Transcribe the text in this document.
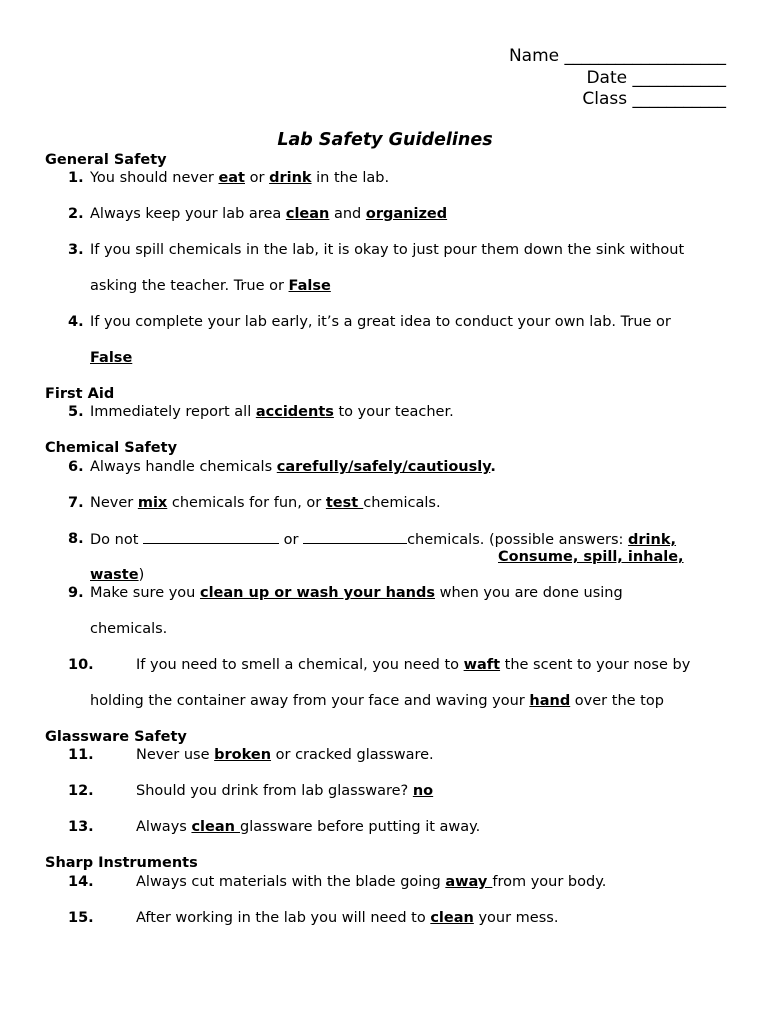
Name ___________________
Date ___________
Class ___________
Lab Safety Guidelines
General Safety
1. You should never eat or drink in the lab.
2. Always keep your lab area clean and organized
3. If you spill chemicals in the lab, it is okay to just pour them down the sink without
asking the teacher. True or False
4. If you complete your lab early, it’s a great idea to conduct your own lab. True or
False
First Aid
5. Immediately report all accidents to your teacher.
Chemical Safety
6. Always handle chemicals carefully/safely/cautiously.
7. Never mix chemicals for fun, or test chemicals.
8. Do not	or	chemicals. (possible answers: drink,
Consume, spill, inhale,
waste)
9. Make sure you clean up or wash your hands when you are done using
chemicals.
10.	If you need to smell a chemical, you need to waft the scent to your nose by
holding the container away from your face and waving your hand over the top
Glassware Safety
11.	Never use broken or cracked glassware.
12.	Should you drink from lab glassware? no
13.	Always clean glassware before putting it away.
Sharp Instruments
14.	Always cut materials with the blade going away from your body.
15.	After working in the lab you will need to clean your mess.
